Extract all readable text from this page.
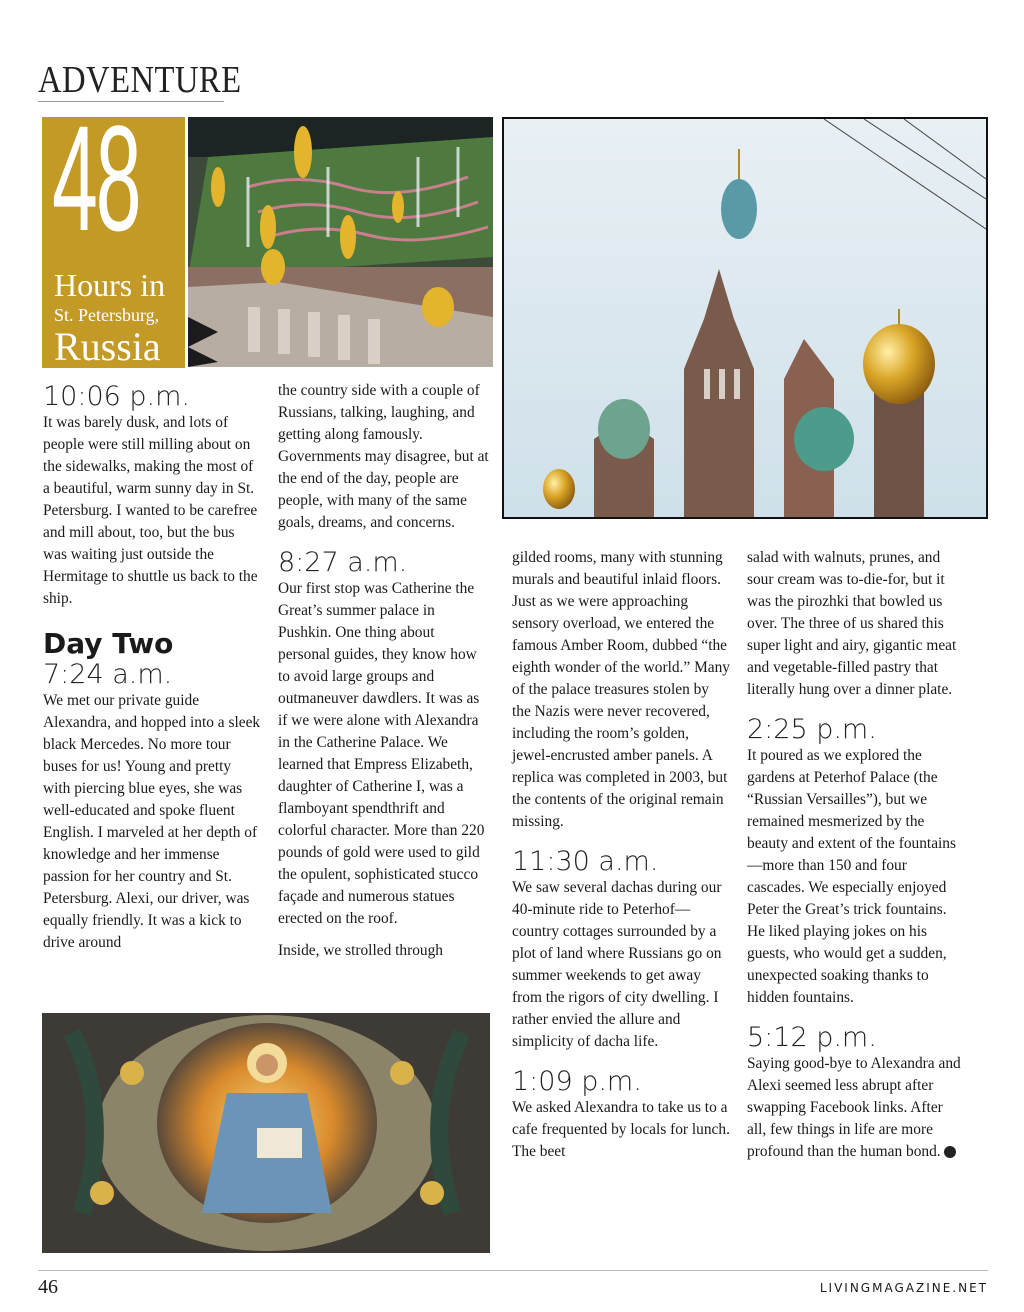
ADVENTURE
48
Hours in
St. Petersburg,
Russia

10:06 p.m.

It was barely dusk, and lots of people were still milling about on the sidewalks, making the most of a beautiful, warm sunny day in St. Petersburg. I wanted to be carefree and mill about, too, but the bus was waiting just outside the Hermitage to shuttle us back to the ship.

Day Two

7:24 a.m.

We met our private guide Alexandra, and hopped into a sleek black Mercedes. No more tour buses for us! Young and pretty with piercing blue eyes, she was well-educated and spoke fluent English. I marveled at her depth of knowledge and her immense passion for her country and St. Petersburg. Alexi, our driver, was equally friendly. It was a kick to drive around

the country side with a couple of Russians, talking, laughing, and getting along famously. Governments may disagree, but at the end of the day, people are people, with many of the same goals, dreams, and concerns.

8:27 a.m.

Our first stop was Catherine the Great’s summer palace in Pushkin. One thing about personal guides, they know how to avoid large groups and outmaneuver dawdlers. It was as if we were alone with Alexandra in the Catherine Palace. We learned that Empress Elizabeth, daughter of Catherine I, was a flamboyant spendthrift and colorful character. More than 220 pounds of gold were used to gild the opulent, sophisticated stucco façade and numerous statues erected on the roof.

Inside, we strolled through

gilded rooms, many with stunning murals and beautiful inlaid floors. Just as we were approaching sensory overload, we entered the famous Amber Room, dubbed “the eighth wonder of the world.” Many of the palace treasures stolen by the Nazis were never recovered, including the room’s golden, jewel-encrusted amber panels. A replica was completed in 2003, but the contents of the original remain missing.

11:30 a.m.

We saw several dachas during our 40-minute ride to Peterhof—country cottages surrounded by a plot of land where Russians go on summer weekends to get away from the rigors of city dwelling. I rather envied the allure and simplicity of dacha life.

1:09 p.m.

We asked Alexandra to take us to a cafe frequented by locals for lunch. The beet

salad with walnuts, prunes, and sour cream was to-die-for, but it was the pirozhki that bowled us over. The three of us shared this super light and airy, gigantic meat and vegetable-filled pastry that literally hung over a dinner plate.

2:25 p.m.

It poured as we explored the gardens at Peterhof Palace (the “Russian Versailles”), but we remained mesmerized by the beauty and extent of the fountains—more than 150 and four cascades. We especially enjoyed Peter the Great’s trick fountains. He liked playing jokes on his guests, who would get a sudden, unexpected soaking thanks to hidden fountains.

5:12 p.m.

Saying good-bye to Alexandra and Alexi seemed less abrupt after swapping Facebook links. After all, few things in life are more profound than the human bond.

46	LIVINGMAGAZINE.NET
